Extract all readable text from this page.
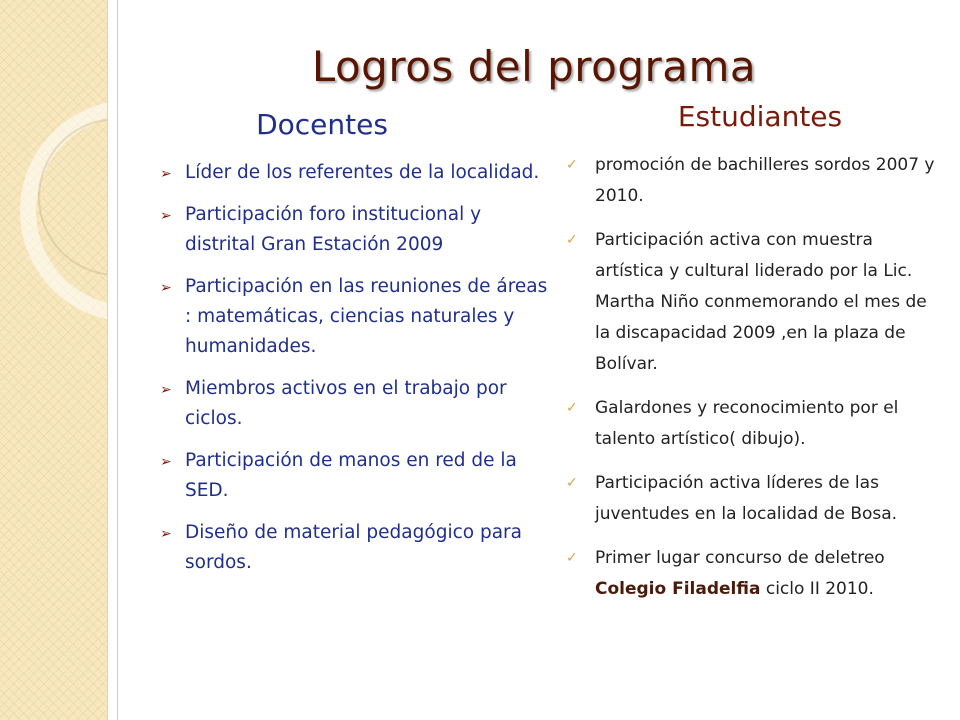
Logros del programa
Docentes	Estudiantes
➢ Líder de los referentes de la localidad.
➢ Participación foro institucional y distrital Gran Estación 2009
➢ Participación en las reuniones de áreas : matemáticas, ciencias naturales y humanidades.
➢ Miembros activos en el trabajo por ciclos.
➢ Participación de manos en red de la SED.
➢ Diseño de material pedagógico para sordos.
✓ promoción de bachilleres sordos 2007 y 2010.
✓ Participación activa con muestra artística y cultural liderado por la Lic. Martha Niño conmemorando el mes de la discapacidad 2009 ,en la plaza de Bolívar.
✓ Galardones y reconocimiento por el talento artístico( dibujo).
✓ Participación activa líderes de las juventudes en la localidad de Bosa.
✓ Primer lugar concurso de deletreo Colegio Filadelfia ciclo II 2010.
